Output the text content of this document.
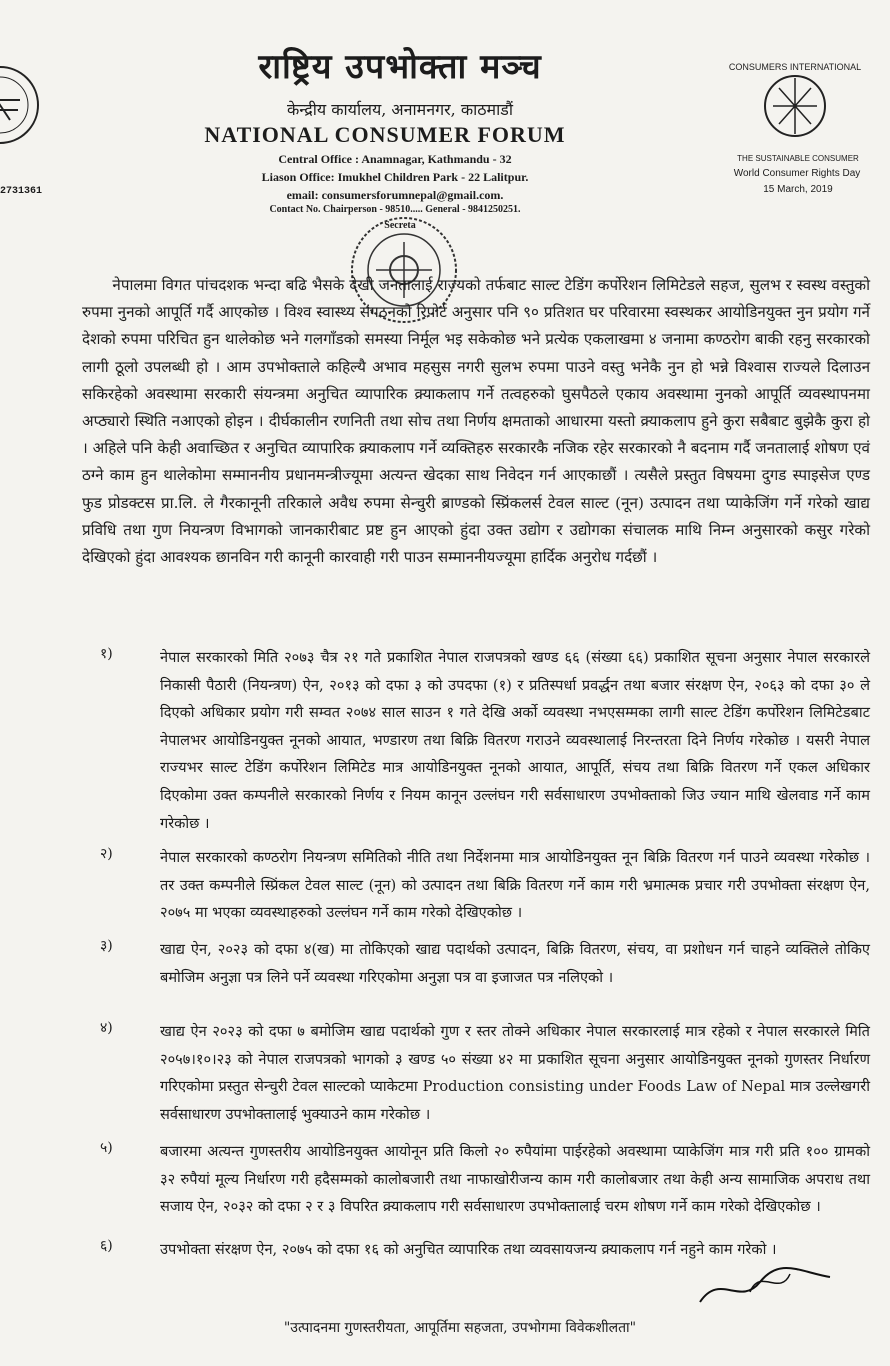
2731361
राष्ट्रिय उपभोक्ता मञ्च
केन्द्रीय कार्यालय, अनामनगर, काठमाडौं
NATIONAL CONSUMER FORUM
Central Office : Anamnagar, Kathmandu - 32
Liason Office: Imukhel Children Park - 22 Lalitpur.
email: consumersforumnepal@gmail.com.
Contact No. Chairperson - 98510..... General - 9841250251.
Secreta
CONSUMERS INTERNATIONAL
THE SUSTAINABLE CONSUMER
World Consumer Rights Day
15 March, 2019
नेपालमा विगत पांचदशक भन्दा बढि भैसके देखी जनतालाई राज्यको तर्फबाट साल्ट टेडिंग कर्पोरेशन लिमिटेडले सहज, सुलभ र स्वस्थ वस्तुको रुपमा नुनको आपूर्ति गर्दै आएकोछ । विश्व स्वास्थ्य संगठनको रिपोर्ट अनुसार पनि ९० प्रतिशत घर परिवारमा स्वस्थकर आयोडिनयुक्त नुन प्रयोग गर्ने देशको रुपमा परिचित हुन थालेकोछ भने गलगाँडको समस्या निर्मूल भइ सकेकोछ भने प्रत्येक एकलाखमा ४ जनामा कण्ठरोग बाकी रहनु सरकारको लागी ठूलो उपलब्धी हो । आम उपभोक्ताले कहिल्यै अभाव महसुस नगरी सुलभ रुपमा पाउने वस्तु भनेकै नुन हो भन्ने विश्वास राज्यले दिलाउन सकिरहेको अवस्थामा सरकारी संयन्त्रमा अनुचित व्यापारिक क्र्याकलाप गर्ने तत्वहरुको घुसपैठले एकाय अवस्थामा नुनको आपूर्ति व्यवस्थापनमा अप्ठ्यारो स्थिति नआएको होइन । दीर्घकालीन रणनिती तथा सोच तथा निर्णय क्षमताको आधारमा यस्तो क्र्याकलाप हुने कुरा सबैबाट बुझेकै कुरा हो । अहिले पनि केही अवाच्छित र अनुचित व्यापारिक क्र्याकलाप गर्ने व्यक्तिहरु सरकारकै नजिक रहेर सरकारको नै बदनाम गर्दै जनतालाई शोषण एवं ठग्ने काम हुन थालेकोमा सम्माननीय प्रधानमन्त्रीज्यूमा अत्यन्त खेदका साथ निवेदन गर्न आएकाछौं । त्यसैले प्रस्तुत विषयमा दुगड स्पाइसेज एण्ड फुड प्रोडक्टस प्रा.लि. ले गैरकानूनी तरिकाले अवैध रुपमा सेन्चुरी ब्राण्डको स्प्रिंकलर्स टेवल साल्ट (नून) उत्पादन तथा प्याकेजिंग गर्ने गरेको खाद्य प्रविधि तथा गुण नियन्त्रण विभागको जानकारीबाट प्रष्ट हुन आएको हुंदा उक्त उद्योग र उद्योगका संचालक माथि निम्न अनुसारको कसुर गरेको देखिएको हुंदा आवश्यक छानविन गरी कानूनी कारवाही गरी पाउन सम्माननीयज्यूमा हार्दिक अनुरोध गर्दछौं ।
१)	नेपाल सरकारको मिति २०७३ चैत्र २१ गते प्रकाशित नेपाल राजपत्रको खण्ड ६६ (संख्या ६६) प्रकाशित सूचना अनुसार नेपाल सरकारले निकासी पैठारी (नियन्त्रण) ऐन, २०१३ को दफा ३ को उपदफा (१) र प्रतिस्पर्धा प्रवर्द्धन तथा बजार संरक्षण ऐन, २०६३ को दफा ३० ले दिएको अधिकार प्रयोग गरी सम्वत २०७४ साल साउन १ गते देखि अर्को व्यवस्था नभएसम्मका लागी साल्ट टेडिंग कर्पोरेशन लिमिटेडबाट नेपालभर आयोडिनयुक्त नूनको आयात, भण्डारण तथा बिक्रि वितरण गराउने व्यवस्थालाई निरन्तरता दिने निर्णय गरेकोछ । यसरी नेपाल राज्यभर साल्ट टेडिंग कर्पोरेशन लिमिटेड मात्र आयोडिनयुक्त नूनको आयात, आपूर्ति, संचय तथा बिक्रि वितरण गर्ने एकल अधिकार दिएकोमा उक्त कम्पनीले सरकारको निर्णय र नियम कानून उल्लंघन गरी सर्वसाधारण उपभोक्ताको जिउ ज्यान माथि खेलवाड गर्ने काम गरेकोछ ।
२)	नेपाल सरकारको कण्ठरोग नियन्त्रण समितिको नीति तथा निर्देशनमा मात्र आयोडिनयुक्त नून बिक्रि वितरण गर्न पाउने व्यवस्था गरेकोछ । तर उक्त कम्पनीले स्प्रिंकल टेवल साल्ट (नून) को उत्पादन तथा बिक्रि वितरण गर्ने काम गरी भ्रमात्मक प्रचार गरी उपभोक्ता संरक्षण ऐन, २०७५ मा भएका व्यवस्थाहरुको उल्लंघन गर्ने काम गरेको देखिएकोछ ।
३)	खाद्य ऐन, २०२३ को दफा ४(ख) मा तोकिएको खाद्य पदार्थको उत्पादन, बिक्रि वितरण, संचय, वा प्रशोधन गर्न चाहने व्यक्तिले तोकिए बमोजिम अनुज्ञा पत्र लिने पर्ने व्यवस्था गरिएकोमा अनुज्ञा पत्र वा इजाजत पत्र नलिएको ।
४)	खाद्य ऐन २०२३ को दफा ७ बमोजिम खाद्य पदार्थको गुण र स्तर तोक्ने अधिकार नेपाल सरकारलाई मात्र रहेको र नेपाल सरकारले मिति २०५७।१०।२३ को नेपाल राजपत्रको भागको ३ खण्ड ५० संख्या ४२ मा प्रकाशित सूचना अनुसार आयोडिनयुक्त नूनको गुणस्तर निर्धारण गरिएकोमा प्रस्तुत सेन्चुरी टेवल साल्टको प्याकेटमा Production consisting under Foods Law of Nepal मात्र उल्लेखगरी सर्वसाधारण उपभोक्तालाई भुक्याउने काम गरेकोछ ।
५)	बजारमा अत्यन्त गुणस्तरीय आयोडिनयुक्त आयोनून प्रति किलो २० रुपैयांमा पाईरहेको अवस्थामा प्याकेजिंग मात्र गरी प्रति १०० ग्रामको ३२ रुपैयां मूल्य निर्धारण गरी हदैसम्मको कालोबजारी तथा नाफाखोरीजन्य काम गरी कालोबजार तथा केही अन्य सामाजिक अपराध तथा सजाय ऐन, २०३२ को दफा २ र ३ विपरित क्र्याकलाप गरी सर्वसाधारण उपभोक्तालाई चरम शोषण गर्ने काम गरेको देखिएकोछ ।
६)	उपभोक्ता संरक्षण ऐन, २०७५ को दफा १६ को अनुचित व्यापारिक तथा व्यवसायजन्य क्र्याकलाप गर्न नहुने काम गरेको ।
"उत्पादनमा गुणस्तरीयता, आपूर्तिमा सहजता, उपभोगमा विवेकशीलता"
